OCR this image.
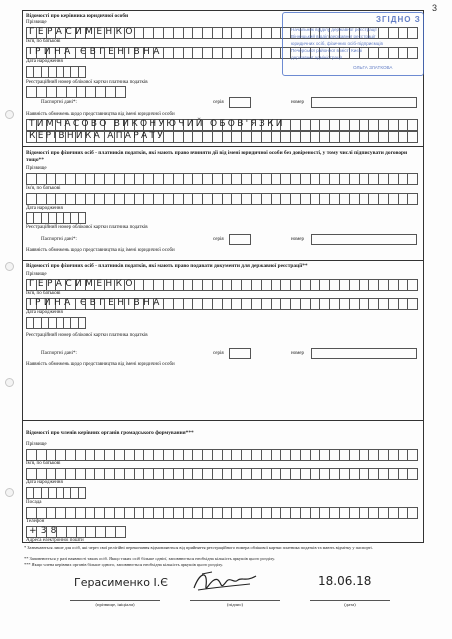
3
Відомості про керівника юридичної особи
Прізвище
ГЕРАСИМЕНКО
Ім'я, по батькові
ІРИНА ЄВГЕНІВНА
Дата народження
Реєстраційний номер облікової картки платника податків
Паспортні дані*:	серія	номер
Наявність обмежень щодо представництва від імені юридичної особи
ТИМЧАСОВО ВИКОНУЮЧИЙ ОБОВ'ЯЗКИ
КЕРІВНИКА АПАРАТУ
Відомості про фізичних осіб - платників податків, які мають право вчиняти дії від імені юридичної особи без довіреності, у тому числі підписувати договори тощо**
Прізвище
Ім'я, по батькові
Дата народження
Реєстраційний номер облікової картки платника податків
Паспортні дані*:	серія	номер
Наявність обмежень щодо представництва від імені юридичної особи
Відомості про фізичних осіб - платників податків, які мають право подавати документи для державної реєстрації**
Прізвище
ГЕРАСИМЕНКО
Ім'я, по батькові
ІРИНА ЄВГЕНІВНА
Дата народження
Реєстраційний номер облікової картки платника податків
Паспортні дані*:	серія	номер
Наявність обмежень щодо представництва від імені юридичної особи
Відомості про членів керівних органів громадського формування***
Прізвище
Ім'я, по батькові
Дата народження
Посада
Телефон
+38
Адреса електронної пошти
* Зазначаються лише для осіб, які через свої релігійні переконання відмовляються від прийняття реєстраційного номера облікової картки платника податків та мають відмітку у паспорті.
** Заповнюється у разі наявності таких осіб. Якщо таких осіб більше однієї, заповнюється необхідна кількість аркушів цього розділу.
*** Якщо члена керівних органів більше одного, заповнюється необхідна кількість аркушів цього розділу.
Герасименко І.Є
(прізвище, ініціали)	(підпис)
18.06.18
(дата)
ЗГІДНО З
Начальник відділу державної реєстрації
Вінницький відділ державної реєстрації
юридичних осіб, фізичних осіб-підприємців
Печерської районної в місті Києві
державної адміністрації
ОЛЬГА ЗЛАТКОВА
